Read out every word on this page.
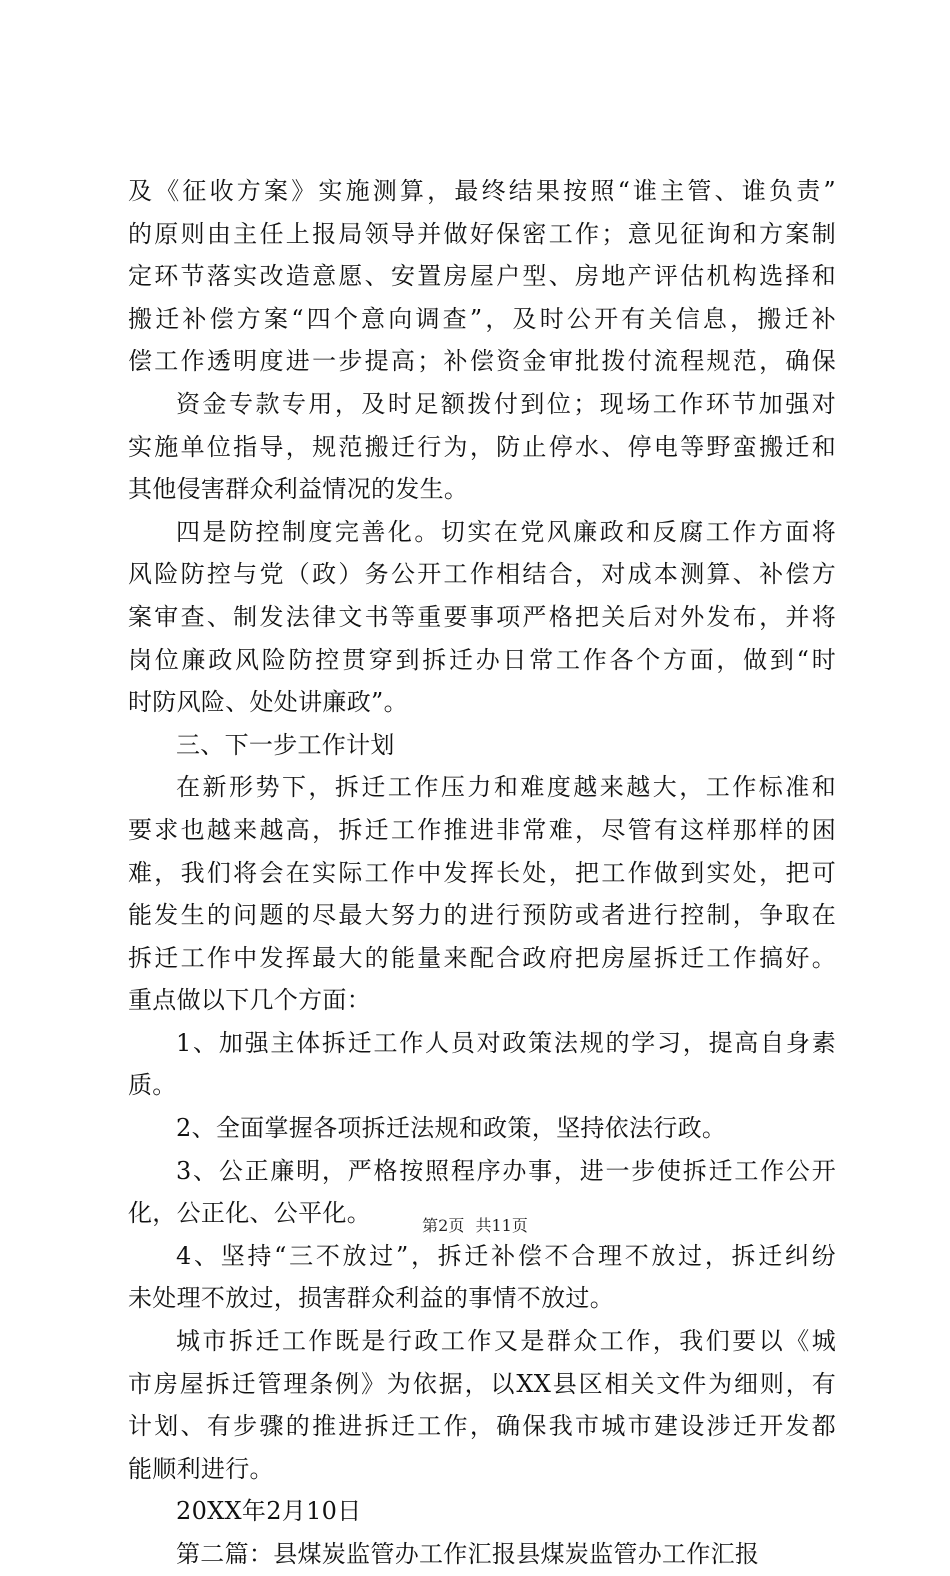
及《征收方案》实施测算，最终结果按照“谁主管、谁负责”
的原则由主任上报局领导并做好保密工作；意见征询和方案制
定环节落实改造意愿、安置房屋户型、房地产评估机构选择和
搬迁补偿方案“四个意向调查”，及时公开有关信息，搬迁补
偿工作透明度进一步提高；补偿资金审批拨付流程规范，确保
资金专款专用，及时足额拨付到位；现场工作环节加强对
实施单位指导，规范搬迁行为，防止停水、停电等野蛮搬迁和
其他侵害群众利益情况的发生。
四是防控制度完善化。切实在党风廉政和反腐工作方面将
风险防控与党（政）务公开工作相结合，对成本测算、补偿方
案审查、制发法律文书等重要事项严格把关后对外发布，并将
岗位廉政风险防控贯穿到拆迁办日常工作各个方面，做到“时
时防风险、处处讲廉政”。
三、下一步工作计划
在新形势下，拆迁工作压力和难度越来越大，工作标准和
要求也越来越高，拆迁工作推进非常难，尽管有这样那样的困
难，我们将会在实际工作中发挥长处，把工作做到实处，把可
能发生的问题的尽最大努力的进行预防或者进行控制，争取在
拆迁工作中发挥最大的能量来配合政府把房屋拆迁工作搞好。
重点做以下几个方面：
1、加强主体拆迁工作人员对政策法规的学习，提高自身素
质。
2、全面掌握各项拆迁法规和政策，坚持依法行政。
3、公正廉明，严格按照程序办事，进一步使拆迁工作公开
化，公正化、公平化。
4、坚持“三不放过”，拆迁补偿不合理不放过，拆迁纠纷
未处理不放过，损害群众利益的事情不放过。
城市拆迁工作既是行政工作又是群众工作，我们要以《城
市房屋拆迁管理条例》为依据，以XX县区相关文件为细则，有
计划、有步骤的推进拆迁工作，确保我市城市建设涉迁开发都
能顺利进行。
20XX年2月10日
第二篇：县煤炭监管办工作汇报县煤炭监管办工作汇报
第2页 共11页
